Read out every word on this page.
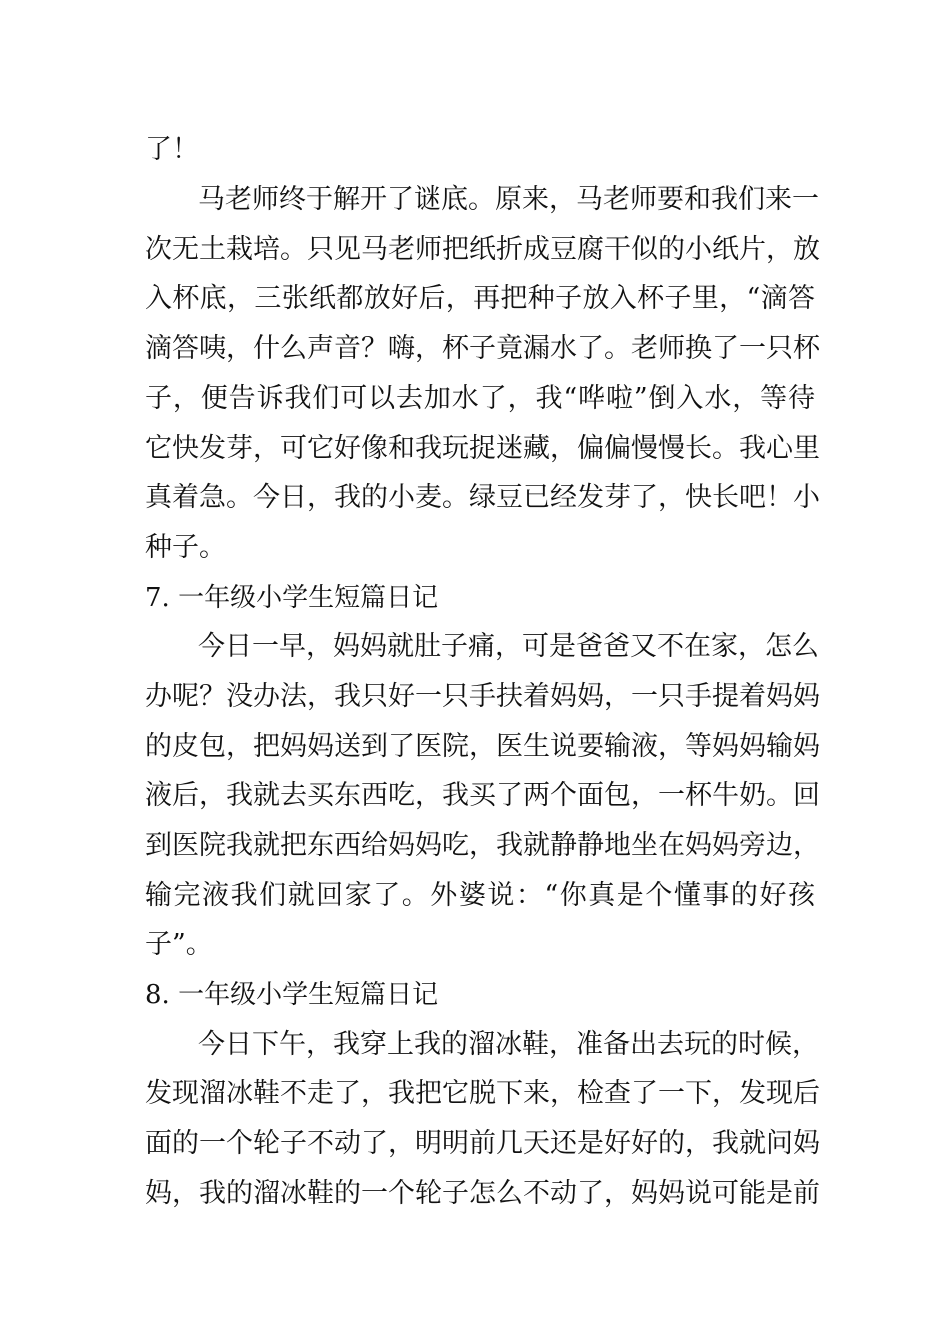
了！
马老师终于解开了谜底。原来，马老师要和我们来一
次无土栽培。只见马老师把纸折成豆腐干似的小纸片，放
入杯底，三张纸都放好后，再把种子放入杯子里，“滴答
滴答咦，什么声音？嗨，杯子竟漏水了。老师换了一只杯
子，便告诉我们可以去加水了，我“哗啦”倒入水，等待
它快发芽，可它好像和我玩捉迷藏，偏偏慢慢长。我心里
真着急。今日，我的小麦。绿豆已经发芽了，快长吧！小
种子。
7. 一年级小学生短篇日记
今日一早，妈妈就肚子痛，可是爸爸又不在家，怎么
办呢？没办法，我只好一只手扶着妈妈，一只手提着妈妈
的皮包，把妈妈送到了医院，医生说要输液，等妈妈输妈
液后，我就去买东西吃，我买了两个面包，一杯牛奶。回
到医院我就把东西给妈妈吃，我就静静地坐在妈妈旁边，
输完液我们就回家了。外婆说：“你真是个懂事的好孩
子”。
8. 一年级小学生短篇日记
今日下午，我穿上我的溜冰鞋，准备出去玩的时候，
发现溜冰鞋不走了，我把它脱下来，检查了一下，发现后
面的一个轮子不动了，明明前几天还是好好的，我就问妈
妈，我的溜冰鞋的一个轮子怎么不动了，妈妈说可能是前
